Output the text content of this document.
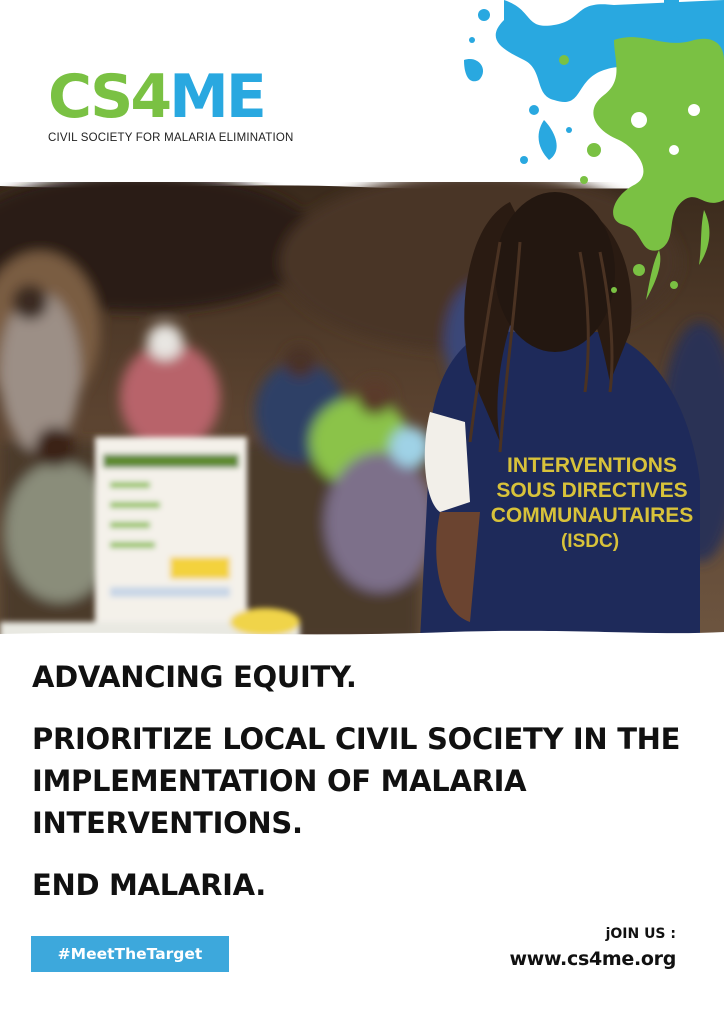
CS4ME
CIVIL SOCIETY FOR MALARIA ELIMINATION
INTERVENTIONS
SOUS DIRECTIVES
COMMUNAUTAIRES
(ISDC)
ADVANCING EQUITY.
PRIORITIZE LOCAL CIVIL SOCIETY IN THE IMPLEMENTATION OF MALARIA INTERVENTIONS.
END MALARIA.
#MeetTheTarget
jOIN US :
www.cs4me.org
